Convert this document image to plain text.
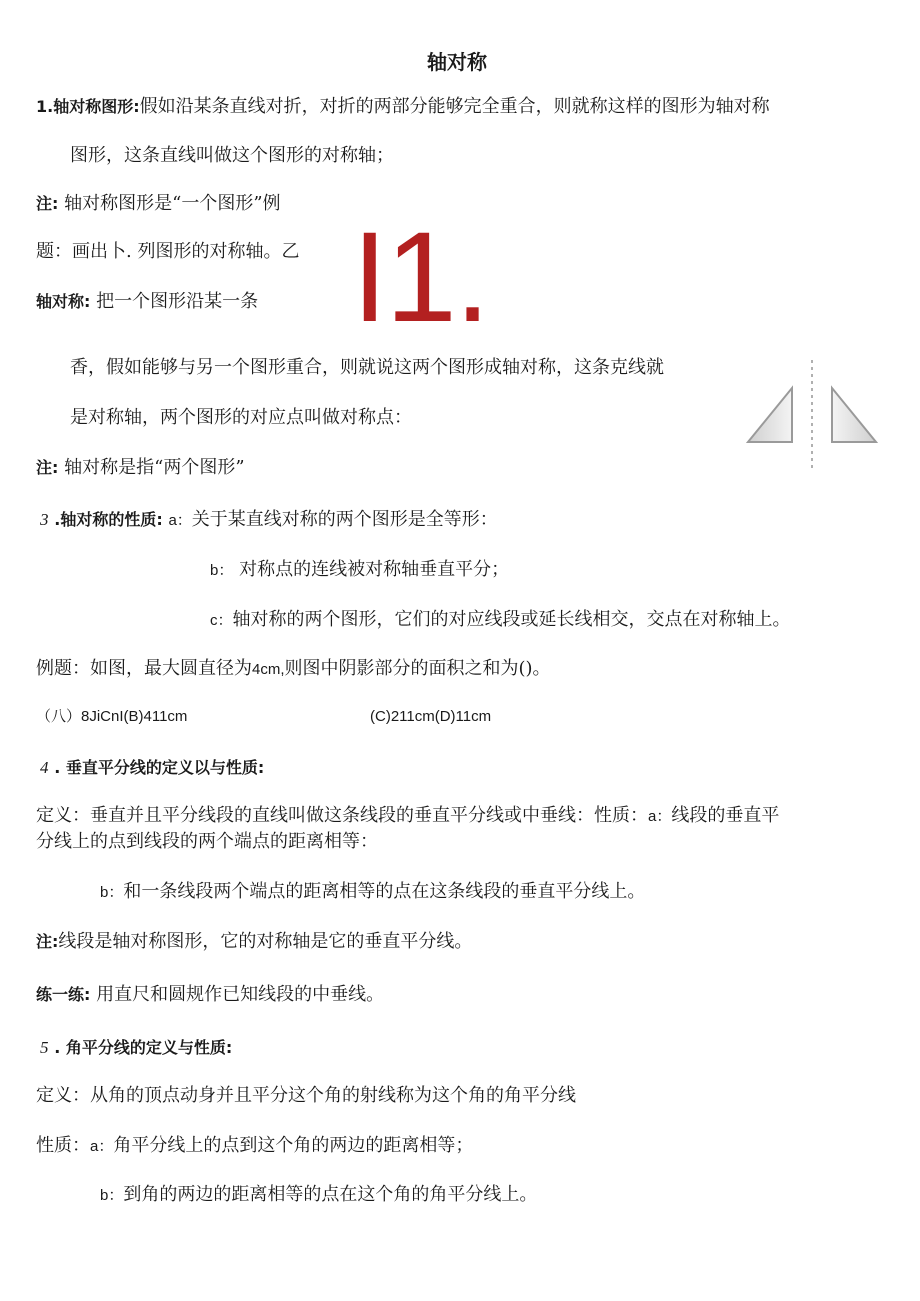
轴对称
1.轴对称图形:假如沿某条直线对折，对折的两部分能够完全重合，则就称这样的图形为轴对称
图形，这条直线叫做这个图形的对称轴；
注: 轴对称图形是“一个图形”例
题：画出卜. 列图形的对称轴。乙 I1.
轴对称: 把一个图形沿某一条
香，假如能够与另一个图形重合，则就说这两个图形成轴对称，这条克线就
是对称轴，两个图形的对应点叫做对称点：
注: 轴对称是指“两个图形”
3 .轴对称的性质: a：关于某直线对称的两个图形是全等形：
b： 对称点的连线被对称轴垂直平分；
c：轴对称的两个图形，它们的对应线段或延长线相交，交点在对称轴上。
例题：如图，最大圆直径为4cm,则图中阴影部分的面积之和为()。
（八）8JiCnI(B)411cm	(C)211cm(D)11cm
4 . 垂直平分线的定义以与性质:
定义：垂直并且平分线段的直线叫做这条线段的垂直平分线或中垂线：性质：a：线段的垂直平
分线上的点到线段的两个端点的距离相等：
b：和一条线段两个端点的距离相等的点在这条线段的垂直平分线上。
注:线段是轴对称图形，它的对称轴是它的垂直平分线。
练一练: 用直尺和圆规作已知线段的中垂线。
5 . 角平分线的定义与性质:
定义：从角的顶点动身并且平分这个角的射线称为这个角的角平分线
性质：a：角平分线上的点到这个角的两边的距离相等；
b：到角的两边的距离相等的点在这个角的角平分线上。
